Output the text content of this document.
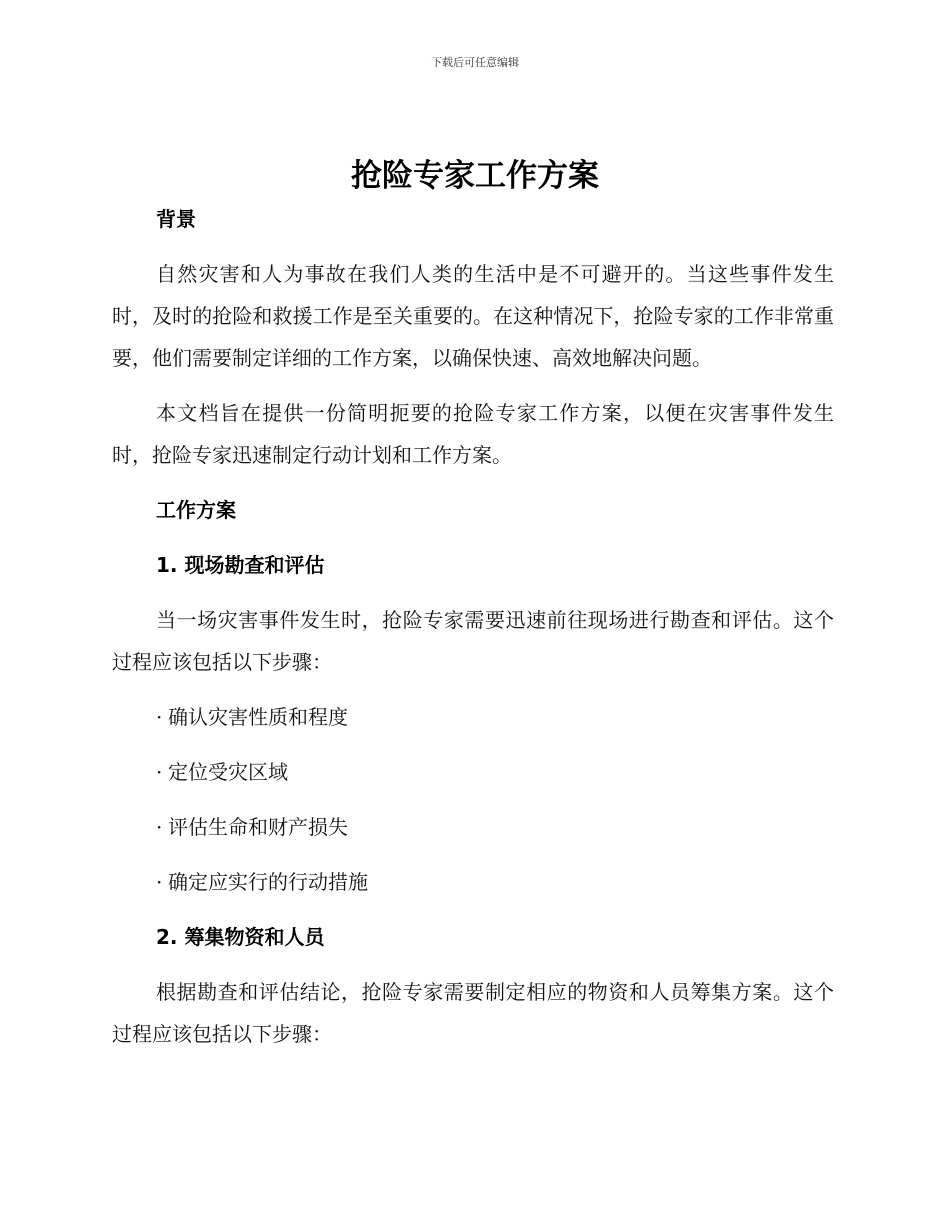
下载后可任意编辑
抢险专家工作方案
背景
自然灾害和人为事故在我们人类的生活中是不可避开的。当这些事件发生时，及时的抢险和救援工作是至关重要的。在这种情况下，抢险专家的工作非常重要，他们需要制定详细的工作方案，以确保快速、高效地解决问题。
本文档旨在提供一份简明扼要的抢险专家工作方案，以便在灾害事件发生时，抢险专家迅速制定行动计划和工作方案。
工作方案
1. 现场勘查和评估
当一场灾害事件发生时，抢险专家需要迅速前往现场进行勘查和评估。这个过程应该包括以下步骤：
· 确认灾害性质和程度
· 定位受灾区域
· 评估生命和财产损失
· 确定应实行的行动措施
2. 筹集物资和人员
根据勘查和评估结论，抢险专家需要制定相应的物资和人员筹集方案。这个过程应该包括以下步骤：
